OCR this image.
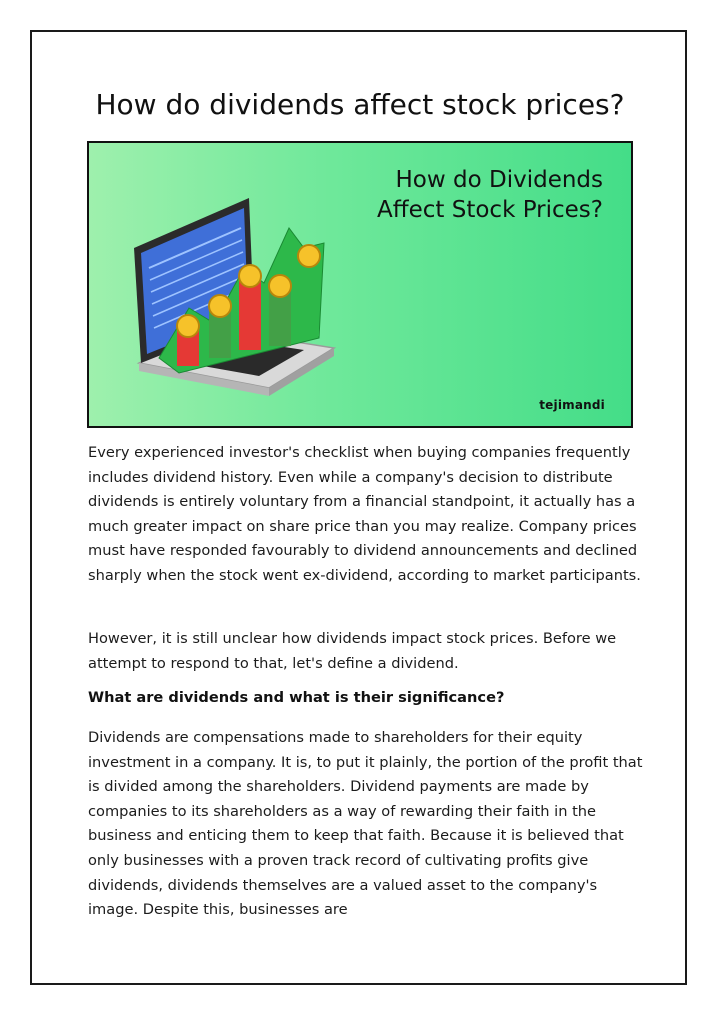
How do dividends affect stock prices?
How do Dividends
Affect Stock Prices?
tejimandi

Every experienced investor's checklist when buying companies frequently includes dividend history. Even while a company's decision to distribute dividends is entirely voluntary from a financial standpoint, it actually has a much greater impact on share price than you may realize. Company prices must have responded favourably to dividend announcements and declined sharply when the stock went ex-dividend, according to market participants.

However, it is still unclear how dividends impact stock prices. Before we attempt to respond to that, let's define a dividend.

What are dividends and what is their significance?

Dividends are compensations made to shareholders for their equity investment in a company. It is, to put it plainly, the portion of the profit that is divided among the shareholders. Dividend payments are made by companies to its shareholders as a way of rewarding their faith in the business and enticing them to keep that faith. Because it is believed that only businesses with a proven track record of cultivating profits give dividends, dividends themselves are a valued asset to the company's image. Despite this, businesses are
